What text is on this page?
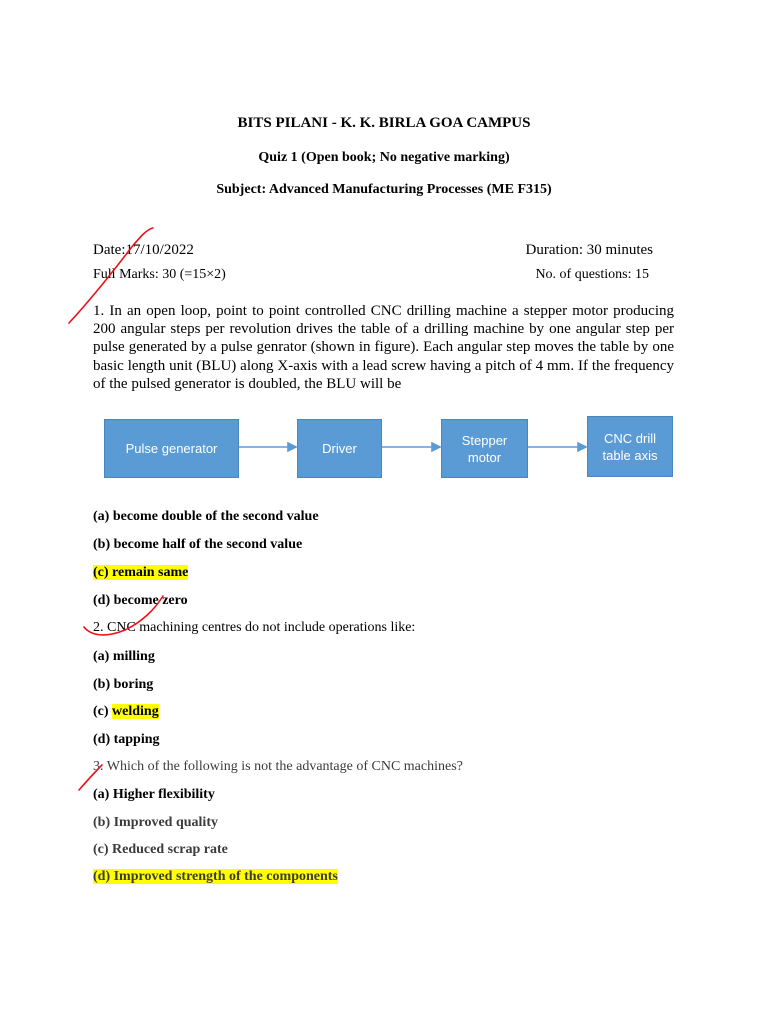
BITS PILANI - K. K. BIRLA GOA CAMPUS
Quiz 1 (Open book; No negative marking)
Subject: Advanced Manufacturing Processes (ME F315)
Date:17/10/2022	Duration: 30 minutes
Full Marks: 30 (=15×2)	No. of questions: 15
1. In an open loop, point to point controlled CNC drilling machine a stepper motor producing 200 angular steps per revolution drives the table of a drilling machine by one angular step per pulse generated by a pulse genrator (shown in figure). Each angular step moves the table by one basic length unit (BLU) along X-axis with a lead screw having a pitch of 4 mm. If the frequency of the pulsed generator is doubled, the BLU will be
Pulse generator	Driver
Stepper
motor
CNC drill
table axis
(a) become double of the second value
(b) become half of the second value
(c) remain same
(d) become zero
2. CNC machining centres do not include operations like:
(a) milling
(b) boring
(c) welding
(d) tapping
3. Which of the following is not the advantage of CNC machines?
(a) Higher flexibility
(b) Improved quality
(c) Reduced scrap rate
(d) Improved strength of the components
